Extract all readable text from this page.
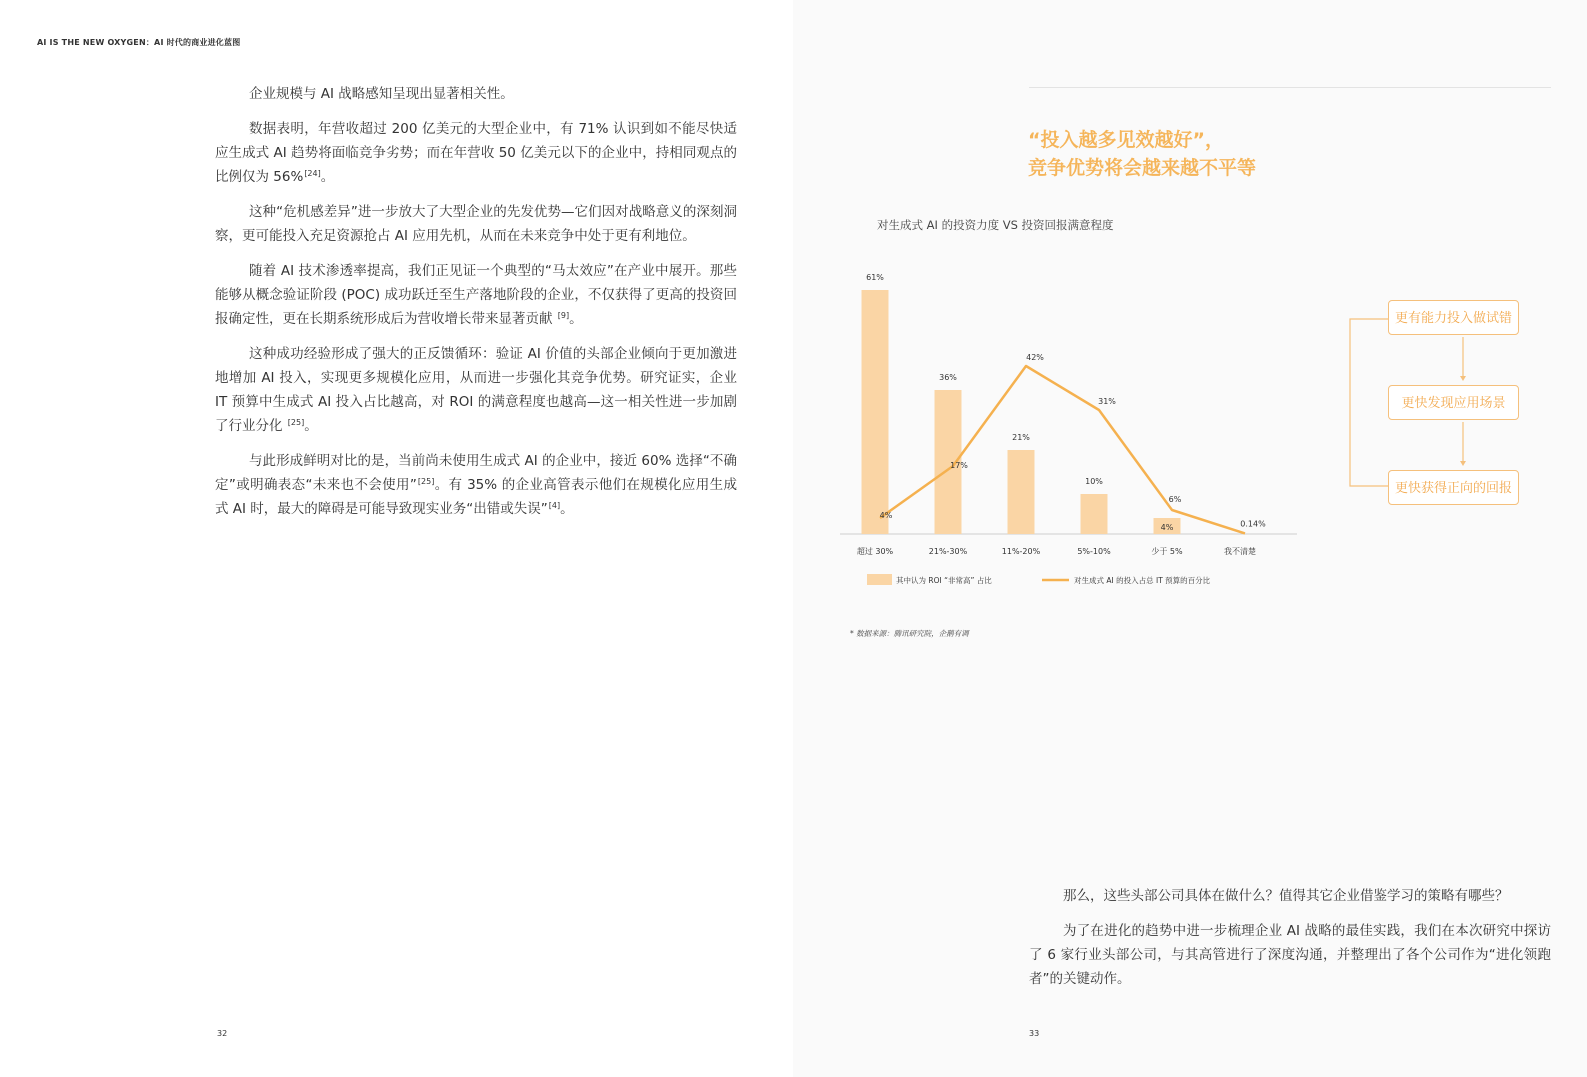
AI IS THE NEW OXYGEN：AI 时代的商业进化蓝图

企业规模与 AI 战略感知呈现出显著相关性。

数据表明，年营收超过 200 亿美元的大型企业中，有 71% 认识到如不能尽快适应生成式 AI 趋势将面临竞争劣势；而在年营收 50 亿美元以下的企业中，持相同观点的比例仅为 56%[24]。

这种“危机感差异”进一步放大了大型企业的先发优势—它们因对战略意义的深刻洞察，更可能投入充足资源抢占 AI 应用先机，从而在未来竞争中处于更有利地位。

随着 AI 技术渗透率提高，我们正见证一个典型的“马太效应”在产业中展开。那些能够从概念验证阶段 (POC) 成功跃迁至生产落地阶段的企业，不仅获得了更高的投资回报确定性，更在长期系统形成后为营收增长带来显著贡献 [9]。

这种成功经验形成了强大的正反馈循环：验证 AI 价值的头部企业倾向于更加激进地增加 AI 投入，实现更多规模化应用，从而进一步强化其竞争优势。研究证实，企业 IT 预算中生成式 AI 投入占比越高，对 ROI 的满意程度也越高—这一相关性进一步加剧了行业分化 [25]。

与此形成鲜明对比的是，当前尚未使用生成式 AI 的企业中，接近 60% 选择“不确定”或明确表态“未来也不会使用”[25]。有 35% 的企业高管表示他们在规模化应用生成式 AI 时，最大的障碍是可能导致现实业务“出错或失误”[4]。

32
“投入越多见效越好”，
竞争优势将会越来越不平等
对生成式 AI 的投资力度 VS 投资回报满意程度
61%
超过 30%
36%
21%-30%
21%
11%-20%
10%
5%-10%
4%
少于 5%	我不清楚
4%
17%
42%
31%
6%
0.14%
其中认为 ROI “非常高” 占比	对生成式 AI 的投入占总 IT 预算的百分比
更有能力投入做试错
更快发现应用场景
更快获得正向的回报
* 数据来源：腾讯研究院，企鹅有调

那么，这些头部公司具体在做什么？值得其它企业借鉴学习的策略有哪些？

为了在进化的趋势中进一步梳理企业 AI 战略的最佳实践，我们在本次研究中探访了 6 家行业头部公司，与其高管进行了深度沟通，并整理出了各个公司作为“进化领跑者”的关键动作。

33
